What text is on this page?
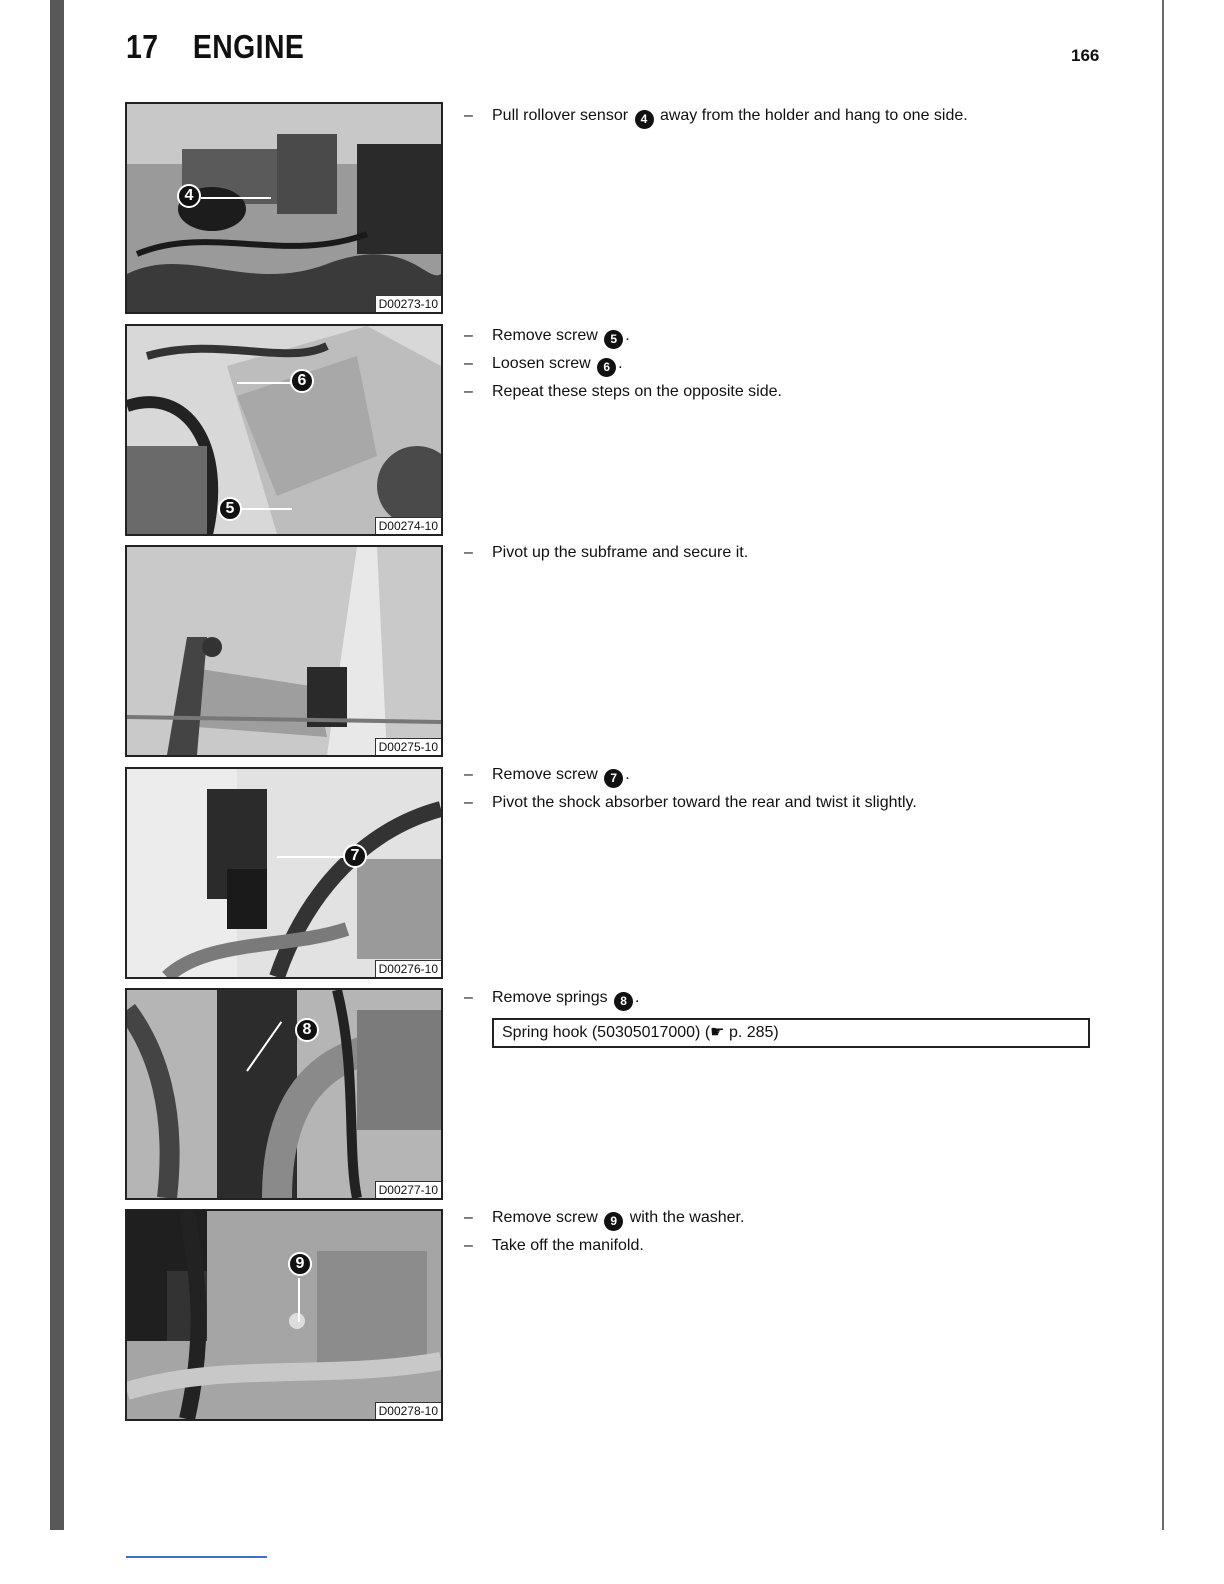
17 ENGINE	166
4
D00273-10
– Pull rollover sensor 4 away from the holder and hang to one side.
6
5
D00274-10
– Remove screw 5 .
– Loosen screw 6 .
– Repeat these steps on the opposite side.
D00275-10
– Pivot up the subframe and secure it.
7
D00276-10
– Remove screw 7 .
– Pivot the shock absorber toward the rear and twist it slightly.
8
D00277-10
– Remove springs 8 .
Spring hook (50305017000) (☛ p. 285)
9
D00278-10
– Remove screw 9 with the washer.
– Take off the manifold.
